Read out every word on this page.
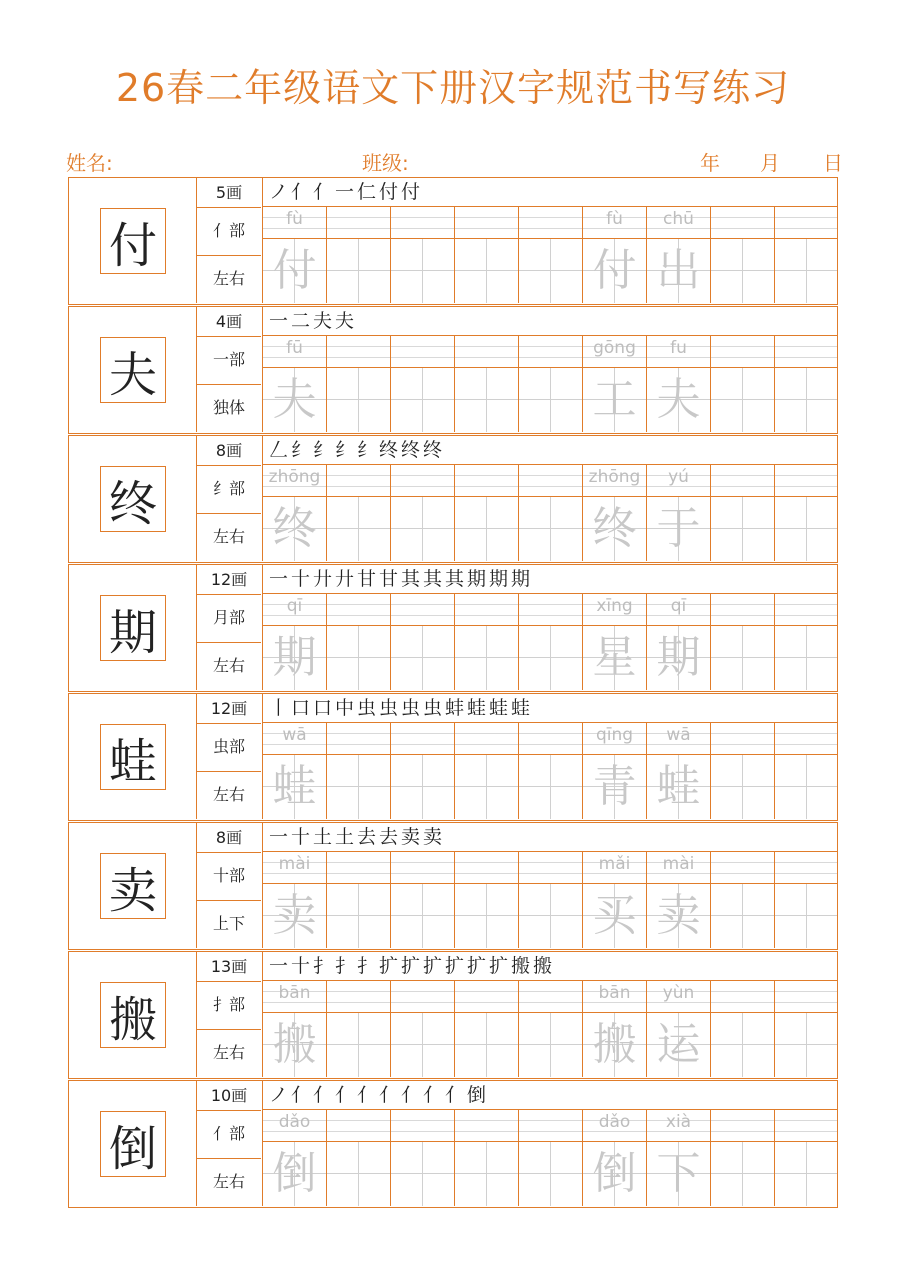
26春二年级语文下册汉字规范书写练习
姓名:	班级:	年 月 日
付
5画
亻部
左右
ノ亻亻一仁付付
fù
付
fù
付
chū
出
夫
4画
一部
独体
一二夫夫
fū
夫
gōng
工
fu
夫
终
8画
纟部
左右
𠃋纟纟纟纟终终终
zhōng
终
zhōng
终
yú
于
期
12画
月部
左右
一十廾廾甘甘其其其期期期
qī
期
xīng
星
qī
期
蛙
12画
虫部
左右
丨口口中虫虫虫虫蚌蛙蛙蛙
wā
蛙
qīng
青
wā
蛙
卖
8画
十部
上下
一十土土去去卖卖
mài
卖
mǎi
买
mài
卖
搬
13画
扌部
左右
一十扌扌扌扩扩扩扩扩扩搬搬
bān
搬
bān
搬
yùn
运
倒
10画
亻部
左右
ノ亻亻亻亻亻亻亻亻倒
dǎo
倒
dǎo
倒
xià
下
